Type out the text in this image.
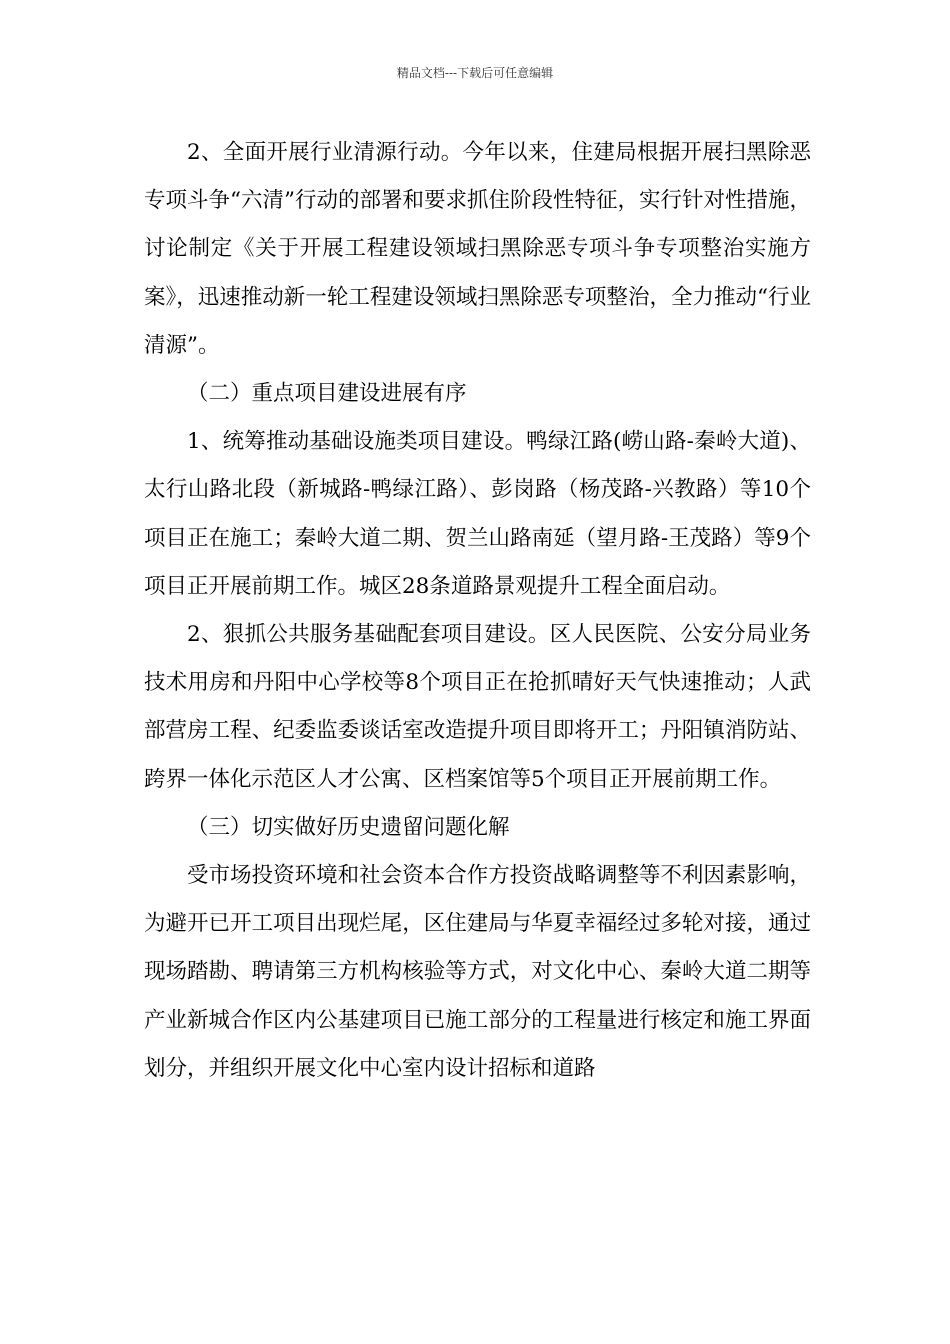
精品文档---下载后可任意编辑

2、全面开展行业清源行动。今年以来，住建局根据开展扫黑除恶专项斗争“六清”行动的部署和要求抓住阶段性特征，实行针对性措施， 讨论制定《关于开展工程建设领域扫黑除恶专项斗争专项整治实施方案》，迅速推动新一轮工程建设领域扫黑除恶专项整治，全力推动“行业清源”。

（二）重点项目建设进展有序

1、统筹推动基础设施类项目建设。鸭绿江路(崂山路-秦岭大道)、太行山路北段（新城路-鸭绿江路）、彭岗路（杨茂路-兴教路）等10个项目正在施工；秦岭大道二期、贺兰山路南延（望月路-王茂路）等9个项目正开展前期工作。城区28条道路景观提升工程全面启动。

2、狠抓公共服务基础配套项目建设。区人民医院、公安分局业务技术用房和丹阳中心学校等8个项目正在抢抓晴好天气快速推动；人武部营房工程、纪委监委谈话室改造提升项目即将开工；丹阳镇消防站、跨界一体化示范区人才公寓、区档案馆等5个项目正开展前期工作。

（三）切实做好历史遗留问题化解

受市场投资环境和社会资本合作方投资战略调整等不利因素影响，为避开已开工项目出现烂尾，区住建局与华夏幸福经过多轮对接，通过现场踏勘、聘请第三方机构核验等方式，对文化中心、秦岭大道二期等产业新城合作区内公基建项目已施工部分的工程量进行核定和施工界面划分，并组织开展文化中心室内设计招标和道路
